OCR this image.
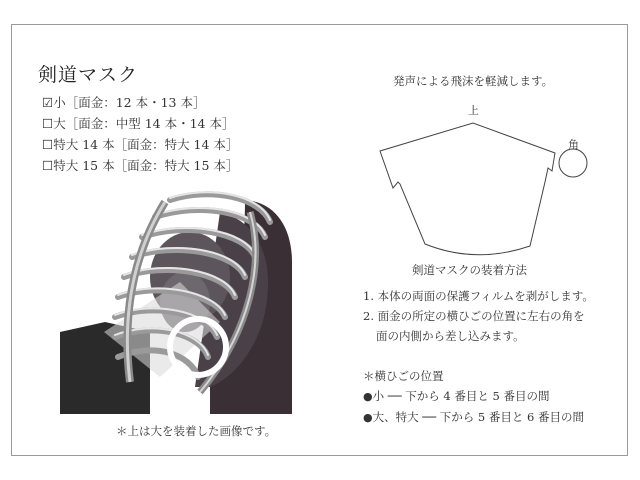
剣道マスク
☑小［面金：12 本・13 本］
☐大［面金：中型 14 本・14 本］
☐特大 14 本［面金：特大 14 本］
☐特大 15 本［面金：特大 15 本］
＊上は大を装着した画像です。
発声による飛沫を軽減します。
上
角
剣道マスクの装着方法
1. 本体の両面の保護フィルムを剥がします。
2. 面金の所定の横ひごの位置に左右の角を
面の内側から差し込みます。
＊横ひごの位置
●小 ── 下から 4 番目と 5 番目の間
●大、特大 ── 下から 5 番目と 6 番目の間
